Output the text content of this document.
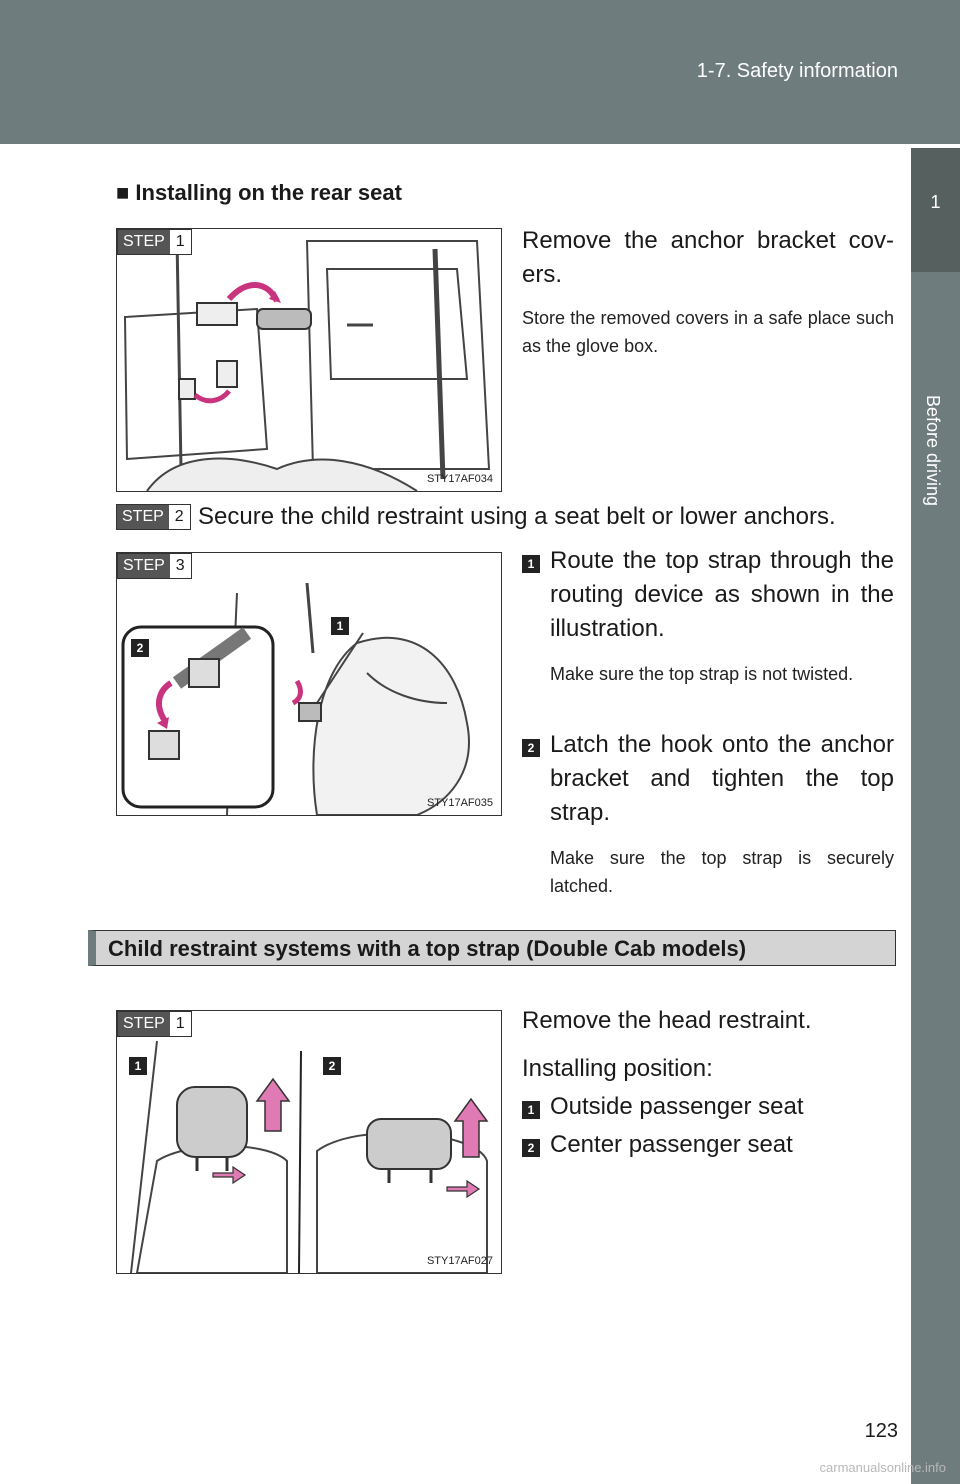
1-7. Safety information
1
Before driving
■ Installing on the rear seat
STEP 1
STY17AF034
Remove the anchor bracket cov-ers.
Store the removed covers in a safe place such as the glove box.
STEP 2 Secure the child restraint using a seat belt or lower anchors.
STEP 3
1
2
STY17AF035
1 Route the top strap through the routing device as shown in the illustration.
Make sure the top strap is not twisted.
2 Latch the hook onto the anchor bracket and tighten the top strap.
Make sure the top strap is securely latched.
Child restraint systems with a top strap (Double Cab models)
STEP 1
1	2
STY17AF027
Remove the head restraint.
Installing position:
1 Outside passenger seat
2 Center passenger seat
123
carmanualsonline.info
